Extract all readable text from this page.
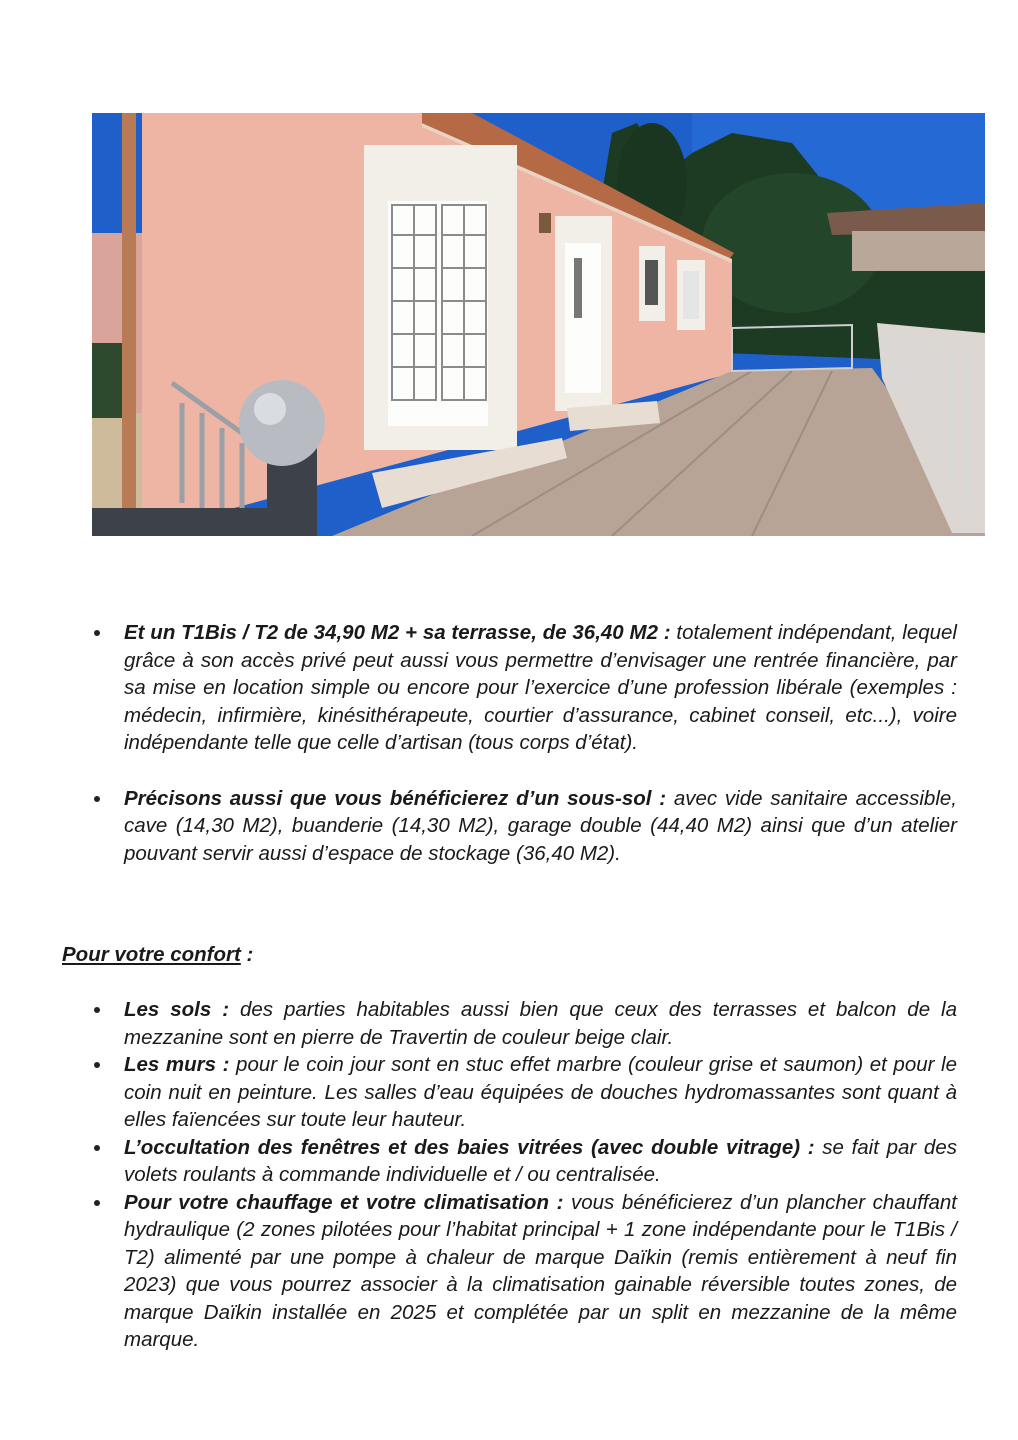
Et un T1Bis / T2 de 34,90 M2 + sa terrasse, de 36,40 M2 : totalement indépendant, lequel grâce à son accès privé peut aussi vous permettre d’envisager une rentrée financière, par sa mise en location simple ou encore pour l’exercice d’une profession libérale (exemples : médecin, infirmière, kinésithérapeute, courtier d’assurance, cabinet conseil, etc...), voire indépendante telle que celle d’artisan (tous corps d’état).
Précisons aussi que vous bénéficierez d’un sous-sol : avec vide sanitaire accessible, cave (14,30 M2), buanderie (14,30 M2), garage double (44,40 M2) ainsi que d’un atelier pouvant servir aussi d’espace de stockage (36,40 M2).
Pour votre confort :
Les sols : des parties habitables aussi bien que ceux des terrasses et balcon de la mezzanine sont en pierre de Travertin de couleur beige clair.
Les murs : pour le coin jour sont en stuc effet marbre (couleur grise et saumon) et pour le coin nuit en peinture. Les salles d’eau équipées de douches hydromassantes sont quant à elles faïencées sur toute leur hauteur.
L’occultation des fenêtres et des baies vitrées (avec double vitrage) : se fait par des volets roulants à commande individuelle et / ou centralisée.
Pour votre chauffage et votre climatisation : vous bénéficierez d’un plancher chauffant hydraulique (2 zones pilotées pour l’habitat principal + 1 zone indépendante pour le T1Bis / T2) alimenté par une pompe à chaleur de marque Daïkin (remis entièrement à neuf fin 2023) que vous pourrez associer à la climatisation gainable réversible toutes zones, de marque Daïkin installée en 2025 et complétée par un split en mezzanine de la même marque.
